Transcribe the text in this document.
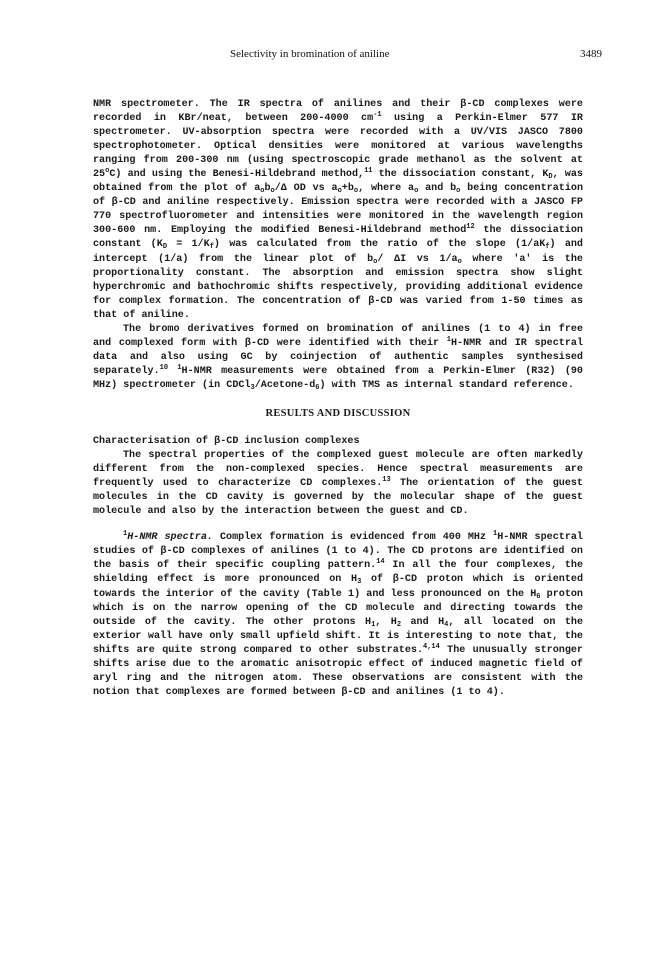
Selectivity in bromination of aniline	3489

NMR spectrometer. The IR spectra of anilines and their β-CD complexes were recorded in KBr/neat, between 200-4000 $cm^{-1}$ using a Perkin-Elmer 577 IR spectrometer. UV-absorption spectra were recorded with a UV/VIS JASCO 7800 spectrophotometer. Optical densities were monitored at various wavelengths ranging from 200-300 nm (using spectroscopic grade methanol as the solvent at 25$^o$C) and using the Benesi-Hildebrand method,$^{11}$ the dissociation constant, $K_D$, was obtained from the plot of $a_ob_o/\Delta$ OD vs $a_o+b_o$, where $a_o$ and $b_o$ being concentration of β-CD and aniline respectively. Emission spectra were recorded with a JASCO FP 770 spectrofluorometer and intensities were monitored in the wavelength region 300-600 nm. Employing the modified Benesi-Hildebrand method$^{12}$ the dissociation constant $(K_D = 1/K_f)$ was calculated from the ratio of the slope $(1/aK_f)$ and intercept (1/a) from the linear plot of $b_o/$ ΔI vs $1/a_o$ where 'a' is the proportionality constant. The absorption and emission spectra show slight hyperchromic and bathochromic shifts respectively, providing additional evidence for complex formation. The concentration of β-CD was varied from 1-50 times as that of aniline.

The bromo derivatives formed on bromination of anilines (1 to 4) in free and complexed form with β-CD were identified with their $^1$H-NMR and IR spectral data and also using GC by coinjection of authentic samples synthesised separately.$^{10}$ $^1$H-NMR measurements were obtained from a Perkin-Elmer (R32) (90 MHz) spectrometer (in $CDCl_3/Acetone-d_6$) with TMS as internal standard reference.

RESULTS AND DISCUSSION

Characterisation of β-CD inclusion complexes

The spectral properties of the complexed guest molecule are often markedly different from the non-complexed species. Hence spectral measurements are frequently used to characterize CD complexes.$^{13}$ The orientation of the guest molecules in the CD cavity is governed by the molecular shape of the guest molecule and also by the interaction between the guest and CD.

$^1$H-NMR spectra. Complex formation is evidenced from 400 MHz $^1$H-NMR spectral studies of β-CD complexes of anilines (1 to 4). The CD protons are identified on the basis of their specific coupling pattern.$^{14}$ In all the four complexes, the shielding effect is more pronounced on $H_3$ of β-CD proton which is oriented towards the interior of the cavity (Table 1) and less pronounced on the $H_6$ proton which is on the narrow opening of the CD molecule and directing towards the outside of the cavity. The other protons $H_1$, $H_2$ and $H_4$, all located on the exterior wall have only small upfield shift. It is interesting to note that, the shifts are quite strong compared to other substrates.$^{4,14}$ The unusually stronger shifts arise due to the aromatic anisotropic effect of induced magnetic field of aryl ring and the nitrogen atom. These observations are consistent with the notion that complexes are formed between β-CD and anilines (1 to 4).
